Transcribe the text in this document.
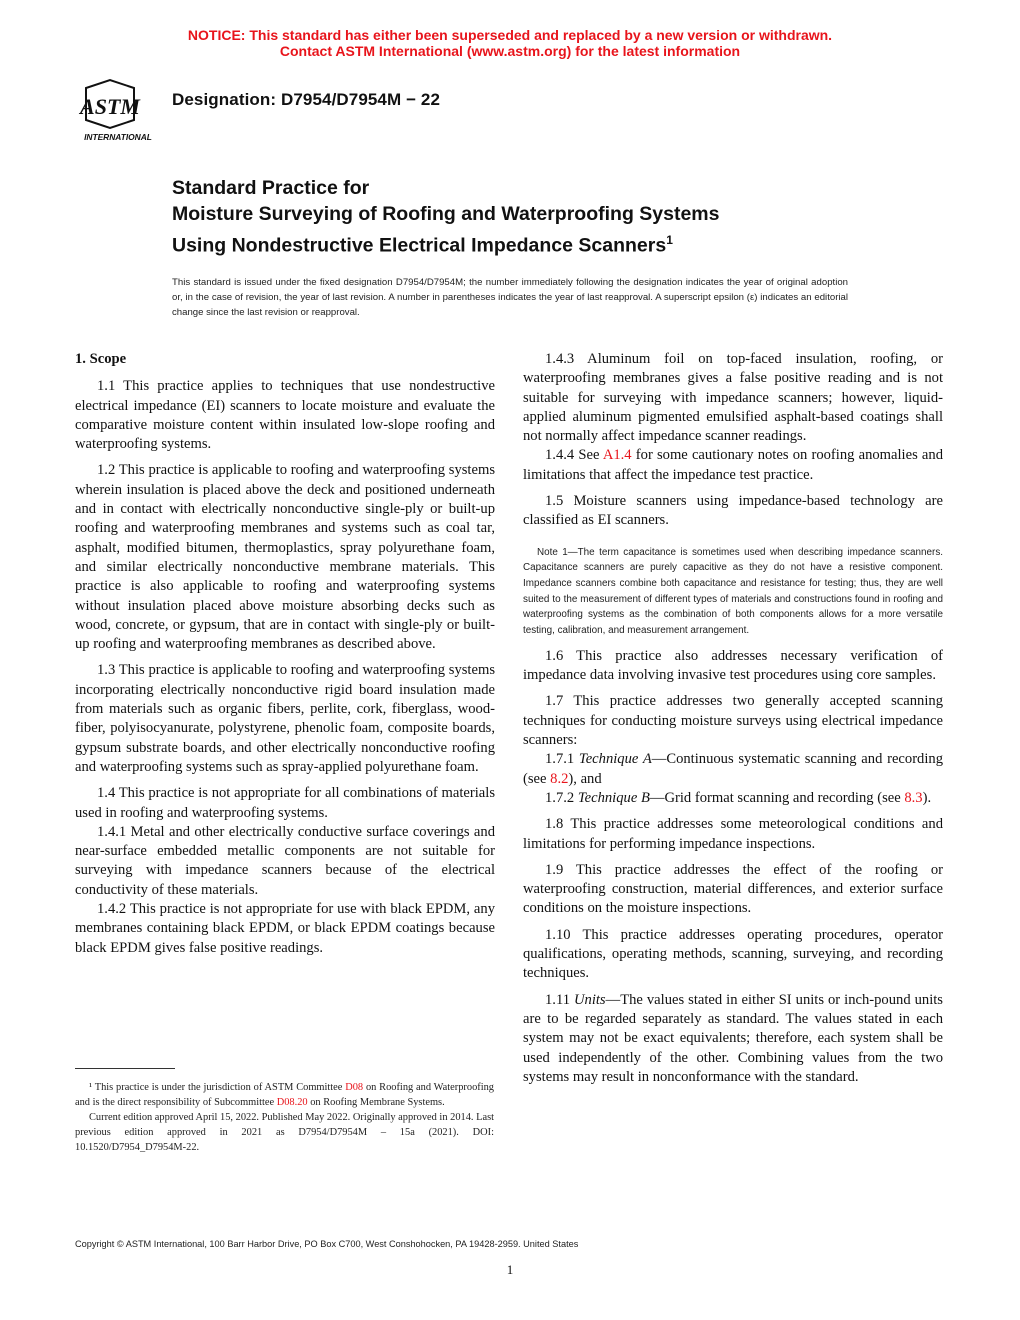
NOTICE: This standard has either been superseded and replaced by a new version or withdrawn.
Contact ASTM International (www.astm.org) for the latest information
ASTM
INTERNATIONAL
Designation: D7954/D7954M − 22
Standard Practice for
Moisture Surveying of Roofing and Waterproofing Systems
Using Nondestructive Electrical Impedance Scanners$^1$
This standard is issued under the fixed designation D7954/D7954M; the number immediately following the designation indicates the year of original adoption or, in the case of revision, the year of last revision. A number in parentheses indicates the year of last reapproval. A superscript epsilon (ε) indicates an editorial change since the last revision or reapproval.
1. Scope

1.1 This practice applies to techniques that use nondestructive electrical impedance (EI) scanners to locate moisture and evaluate the comparative moisture content within insulated low-slope roofing and waterproofing systems.

1.2 This practice is applicable to roofing and waterproofing systems wherein insulation is placed above the deck and positioned underneath and in contact with electrically nonconductive single-ply or built-up roofing and waterproofing membranes and systems such as coal tar, asphalt, modified bitumen, thermoplastics, spray polyurethane foam, and similar electrically nonconductive membrane materials. This practice is also applicable to roofing and waterproofing systems without insulation placed above moisture absorbing decks such as wood, concrete, or gypsum, that are in contact with single-ply or built-up roofing and waterproofing membranes as described above.

1.3 This practice is applicable to roofing and waterproofing systems incorporating electrically nonconductive rigid board insulation made from materials such as organic fibers, perlite, cork, fiberglass, wood-fiber, polyisocyanurate, polystyrene, phenolic foam, composite boards, gypsum substrate boards, and other electrically nonconductive roofing and waterproofing systems such as spray-applied polyurethane foam.

1.4 This practice is not appropriate for all combinations of materials used in roofing and waterproofing systems.

1.4.1 Metal and other electrically conductive surface coverings and near-surface embedded metallic components are not suitable for surveying with impedance scanners because of the electrical conductivity of these materials.

1.4.2 This practice is not appropriate for use with black EPDM, any membranes containing black EPDM, or black EPDM coatings because black EPDM gives false positive readings.

1.4.3 Aluminum foil on top-faced insulation, roofing, or waterproofing membranes gives a false positive reading and is not suitable for surveying with impedance scanners; however, liquid-applied aluminum pigmented emulsified asphalt-based coatings shall not normally affect impedance scanner readings.

1.4.4 See A1.4 for some cautionary notes on roofing anomalies and limitations that affect the impedance test practice.

1.5 Moisture scanners using impedance-based technology are classified as EI scanners.

Note 1—The term capacitance is sometimes used when describing impedance scanners. Capacitance scanners are purely capacitive as they do not have a resistive component. Impedance scanners combine both capacitance and resistance for testing; thus, they are well suited to the measurement of different types of materials and constructions found in roofing and waterproofing systems as the combination of both components allows for a more versatile testing, calibration, and measurement arrangement.

1.6 This practice also addresses necessary verification of impedance data involving invasive test procedures using core samples.

1.7 This practice addresses two generally accepted scanning techniques for conducting moisture surveys using electrical impedance scanners:

1.7.1 Technique A—Continuous systematic scanning and recording (see 8.2), and

1.7.2 Technique B—Grid format scanning and recording (see 8.3).

1.8 This practice addresses some meteorological conditions and limitations for performing impedance inspections.

1.9 This practice addresses the effect of the roofing or waterproofing construction, material differences, and exterior surface conditions on the moisture inspections.

1.10 This practice addresses operating procedures, operator qualifications, operating methods, scanning, surveying, and recording techniques.

1.11 Units—The values stated in either SI units or inch-pound units are to be regarded separately as standard. The values stated in each system may not be exact equivalents; therefore, each system shall be used independently of the other. Combining values from the two systems may result in nonconformance with the standard.

¹ This practice is under the jurisdiction of ASTM Committee D08 on Roofing and Waterproofing and is the direct responsibility of Subcommittee D08.20 on Roofing Membrane Systems.

Current edition approved April 15, 2022. Published May 2022. Originally approved in 2014. Last previous edition approved in 2021 as D7954/D7954M – 15a (2021). DOI: 10.1520/D7954_D7954M-22.

Copyright © ASTM International, 100 Barr Harbor Drive, PO Box C700, West Conshohocken, PA 19428-2959. United States
1
